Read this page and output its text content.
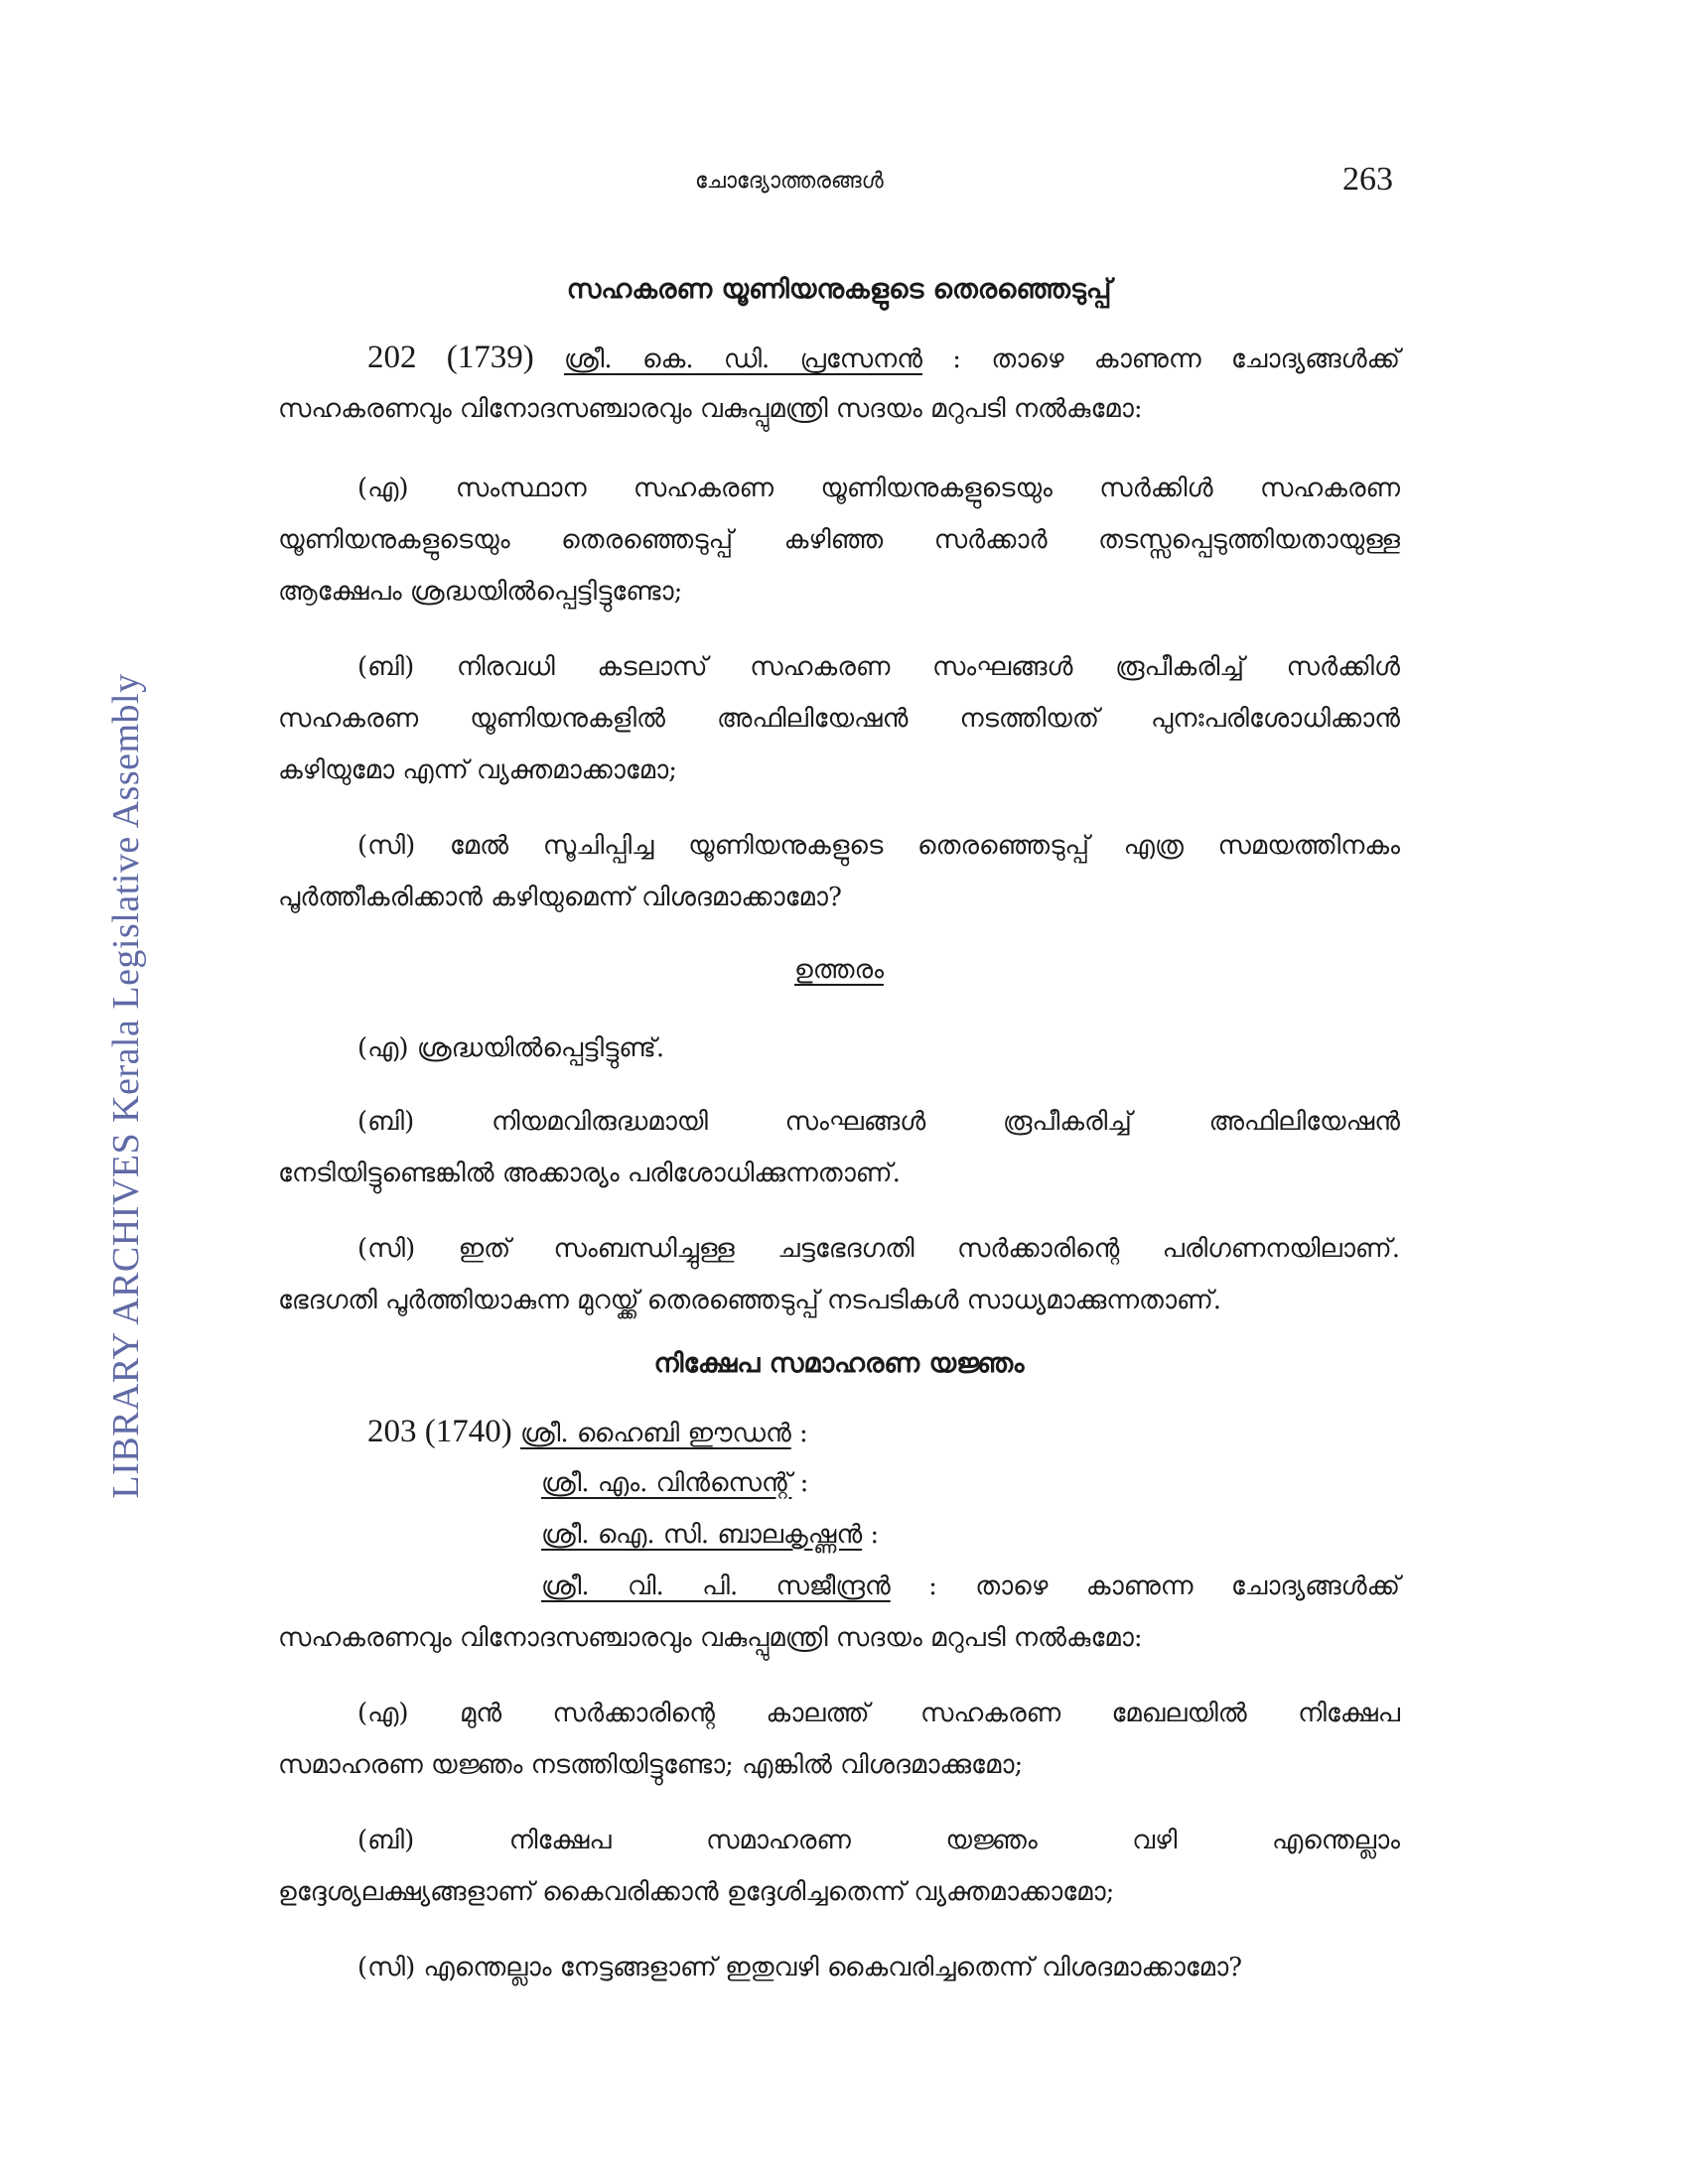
LIBRARY ARCHIVES Kerala Legislative Assembly
ചോദ്യോത്തരങ്ങൾ	263
സഹകരണ യൂണിയനുകളുടെ തെരഞ്ഞെടുപ്പ്
202 (1739) ശ്രീ. കെ. ഡി. പ്രസേനൻ : താഴെ കാണുന്ന ചോദ്യങ്ങൾക്ക്
സഹകരണവും വിനോദസഞ്ചാരവും വകുപ്പുമന്ത്രി സദയം മറുപടി നൽകുമോ:
(എ) സംസ്ഥാന സഹകരണ യൂണിയനുകളുടെയും സർക്കിൾ സഹകരണ
യൂണിയനുകളുടെയും തെരഞ്ഞെടുപ്പ് കഴിഞ്ഞ സർക്കാർ തടസ്സപ്പെടുത്തിയതായുള്ള
ആക്ഷേപം ശ്രദ്ധയിൽപ്പെട്ടിട്ടുണ്ടോ;
(ബി) നിരവധി കടലാസ് സഹകരണ സംഘങ്ങൾ രൂപീകരിച്ച് സർക്കിൾ
സഹകരണ യൂണിയനുകളിൽ അഫിലിയേഷൻ നടത്തിയത് പുനഃപരിശോധിക്കാൻ
കഴിയുമോ എന്ന് വ്യക്തമാക്കാമോ;
(സി) മേൽ സൂചിപ്പിച്ച യൂണിയനുകളുടെ തെരഞ്ഞെടുപ്പ് എത്ര സമയത്തിനകം
പൂർത്തീകരിക്കാൻ കഴിയുമെന്ന് വിശദമാക്കാമോ?
ഉത്തരം
(എ) ശ്രദ്ധയിൽപ്പെട്ടിട്ടുണ്ട്.
(ബി) നിയമവിരുദ്ധമായി സംഘങ്ങൾ രൂപീകരിച്ച് അഫിലിയേഷൻ
നേടിയിട്ടുണ്ടെങ്കിൽ അക്കാര്യം പരിശോധിക്കുന്നതാണ്.
(സി) ഇത് സംബന്ധിച്ചുള്ള ചട്ടഭേദഗതി സർക്കാരിന്റെ പരിഗണനയിലാണ്.
ഭേദഗതി പൂർത്തിയാകുന്ന മുറയ്ക്ക് തെരഞ്ഞെടുപ്പ് നടപടികൾ സാധ്യമാക്കുന്നതാണ്.
നിക്ഷേപ സമാഹരണ യജ്ഞം
203 (1740) ശ്രീ. ഹൈബി ഈഡൻ :
ശ്രീ. എം. വിൻസെന്റ് :
ശ്രീ. ഐ. സി. ബാലകൃഷ്ണൻ :
ശ്രീ. വി. പി. സജീന്ദ്രൻ : താഴെ കാണുന്ന ചോദ്യങ്ങൾക്ക്
സഹകരണവും വിനോദസഞ്ചാരവും വകുപ്പുമന്ത്രി സദയം മറുപടി നൽകുമോ:
(എ) മുൻ സർക്കാരിന്റെ കാലത്ത് സഹകരണ മേഖലയിൽ നിക്ഷേപ
സമാഹരണ യജ്ഞം നടത്തിയിട്ടുണ്ടോ; എങ്കിൽ വിശദമാക്കുമോ;
(ബി) നിക്ഷേപ സമാഹരണ യജ്ഞം വഴി എന്തെല്ലാം
ഉദ്ദേശ്യലക്ഷ്യങ്ങളാണ് കൈവരിക്കാൻ ഉദ്ദേശിച്ചതെന്ന് വ്യക്തമാക്കാമോ;
(സി) എന്തെല്ലാം നേട്ടങ്ങളാണ് ഇതുവഴി കൈവരിച്ചതെന്ന് വിശദമാക്കാമോ?
